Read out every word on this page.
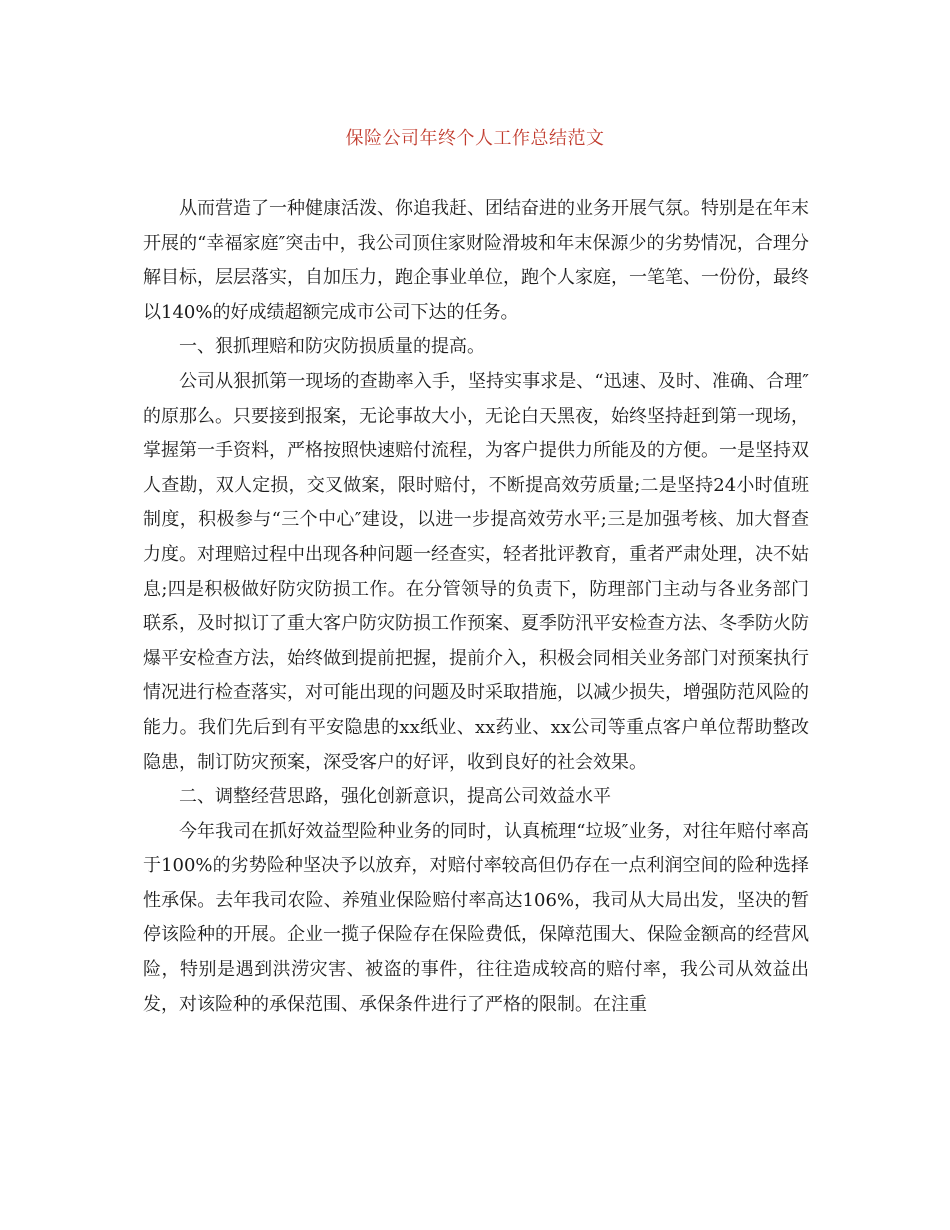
保险公司年终个人工作总结范文

从而营造了一种健康活泼、你追我赶、团结奋进的业务开展气氛。特别是在年末开展的“幸福家庭″突击中，我公司顶住家财险滑坡和年末保源少的劣势情况，合理分解目标，层层落实，自加压力，跑企事业单位，跑个人家庭，一笔笔、一份份，最终以140%的好成绩超额完成市公司下达的任务。

一、狠抓理赔和防灾防损质量的提高。

公司从狠抓第一现场的查勘率入手，坚持实事求是、“迅速、及时、准确、合理″的原那么。只要接到报案，无论事故大小，无论白天黑夜，始终坚持赶到第一现场，掌握第一手资料，严格按照快速赔付流程，为客户提供力所能及的方便。一是坚持双人查勘，双人定损，交叉做案，限时赔付，不断提高效劳质量;二是坚持24小时值班制度，积极参与“三个中心″建设，以进一步提高效劳水平;三是加强考核、加大督查力度。对理赔过程中出现各种问题一经查实，轻者批评教育，重者严肃处理，决不姑息;四是积极做好防灾防损工作。在分管领导的负责下，防理部门主动与各业务部门联系，及时拟订了重大客户防灾防损工作预案、夏季防汛平安检查方法、冬季防火防爆平安检查方法，始终做到提前把握，提前介入，积极会同相关业务部门对预案执行情况进行检查落实，对可能出现的问题及时采取措施，以减少损失，增强防范风险的能力。我们先后到有平安隐患的xx纸业、xx药业、xx公司等重点客户单位帮助整改隐患，制订防灾预案，深受客户的好评，收到良好的社会效果。

二、调整经营思路，强化创新意识，提高公司效益水平

今年我司在抓好效益型险种业务的同时，认真梳理“垃圾″业务，对往年赔付率高于100%的劣势险种坚决予以放弃，对赔付率较高但仍存在一点利润空间的险种选择性承保。去年我司农险、养殖业保险赔付率高达106%，我司从大局出发，坚决的暂停该险种的开展。企业一揽子保险存在保险费低，保障范围大、保险金额高的经营风险，特别是遇到洪涝灾害、被盗的事件，往往造成较高的赔付率，我公司从效益出发，对该险种的承保范围、承保条件进行了严格的限制。在注重
